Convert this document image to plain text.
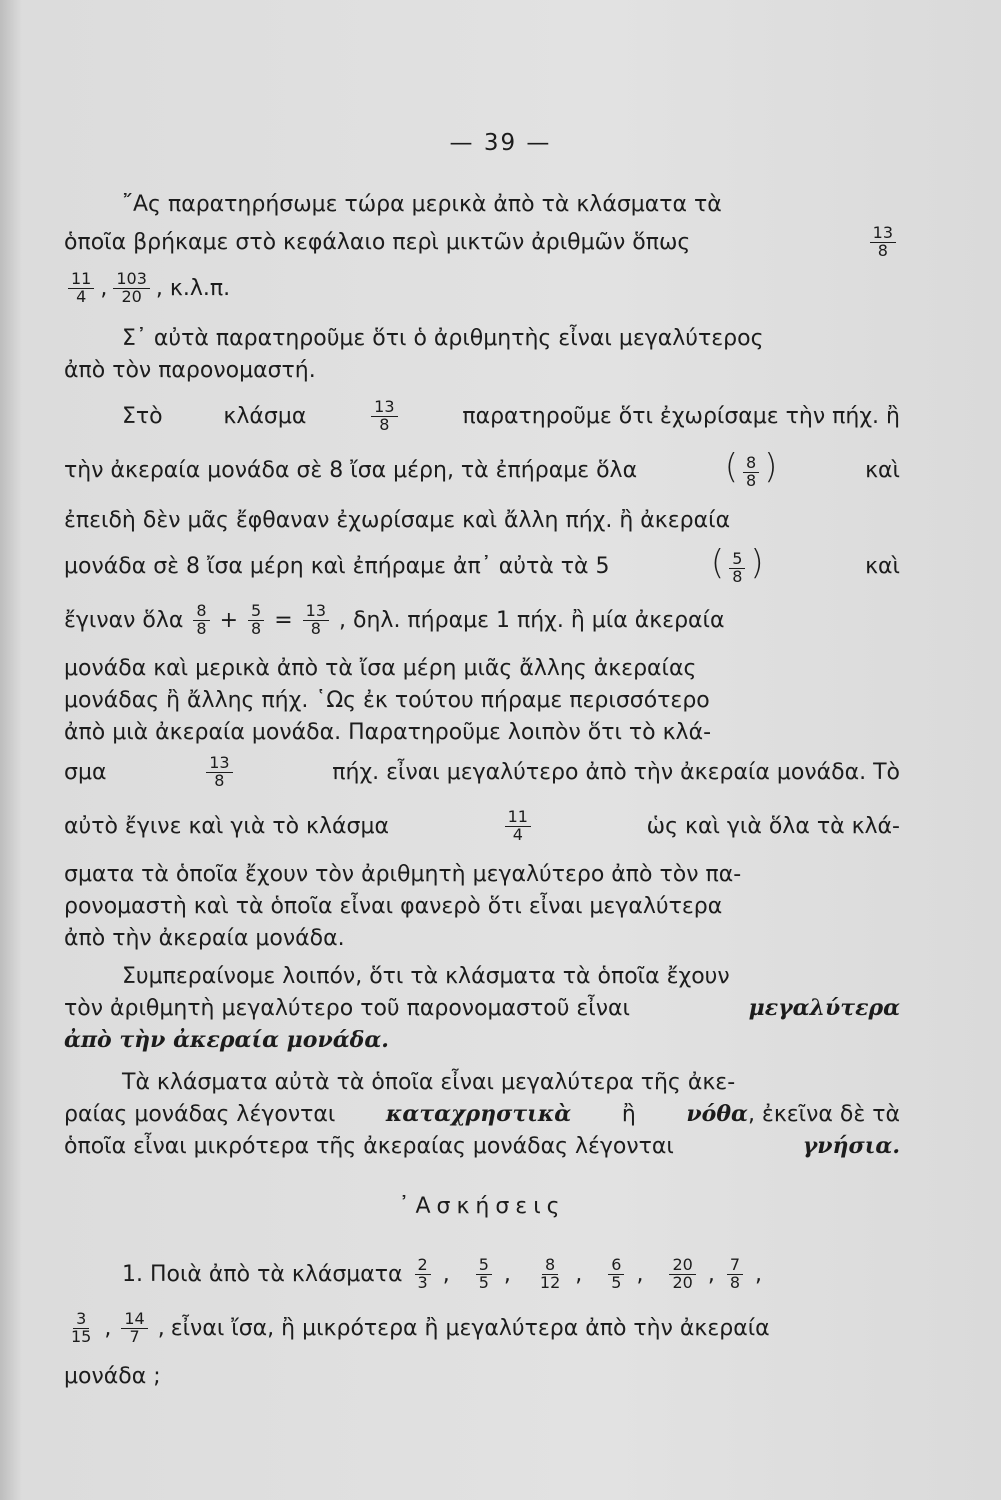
— 39 —
῎Ας παρατηρήσωμε τώρα μερικὰ ἀπὸ τὰ κλάσματα τὰ
ὁποῖα βρήκαμε στὸ κεφάλαιο περὶ μικτῶν ἀριθμῶν ὅπως	$\frac{13}{8}$
$\frac{11}{4}$ , $\frac{103}{20}$ , κ.λ.π.
Σ᾽ αὐτὰ παρατηροῦμε ὅτι ὁ ἀριθμητὴς εἶναι μεγαλύτερος
ἀπὸ τὸν παρονομαστή.
Στὸ	κλάσμα	$\frac{13}{8}$	παρατηροῦμε ὅτι ἐχωρίσαμε τὴν πήχ. ἢ
τὴν ἀκεραία μονάδα σὲ 8 ἴσα μέρη, τὰ ἐπήραμε ὅλα	( $\frac{8}{8}$ )	καὶ
ἐπειδὴ δὲν μᾶς ἔφθαναν ἐχωρίσαμε καὶ ἄλλη πήχ. ἢ ἀκεραία
μονάδα σὲ 8 ἴσα μέρη καὶ ἐπήραμε ἀπ᾽ αὐτὰ τὰ 5	( $\frac{5}{8}$ )	καὶ
ἔγιναν ὅλα $\frac{8}{8} + \frac{5}{8} = \frac{13}{8}$ , δηλ. πήραμε 1 πήχ. ἢ μία ἀκεραία
μονάδα καὶ μερικὰ ἀπὸ τὰ ἴσα μέρη μιᾶς ἄλλης ἀκεραίας
μονάδας ἢ ἄλλης πήχ. ῾Ως ἐκ τούτου πήραμε περισσότερο
ἀπὸ μιὰ ἀκεραία μονάδα. Παρατηροῦμε λοιπὸν ὅτι τὸ κλά-
σμα	$\frac{13}{8}$	πήχ. εἶναι μεγαλύτερο ἀπὸ τὴν ἀκεραία μονάδα. Τὸ
αὐτὸ ἔγινε καὶ γιὰ τὸ κλάσμα	$\frac{11}{4}$	ὡς καὶ γιὰ ὅλα τὰ κλά-
σματα τὰ ὁποῖα ἔχουν τὸν ἀριθμητὴ μεγαλύτερο ἀπὸ τὸν πα-
ρονομαστὴ καὶ τὰ ὁποῖα εἶναι φανερὸ ὅτι εἶναι μεγαλύτερα
ἀπὸ τὴν ἀκεραία μονάδα.
Συμπεραίνομε λοιπόν, ὅτι τὰ κλάσματα τὰ ὁποῖα ἔχουν
τὸν ἀριθμητὴ μεγαλύτερο τοῦ παρονομαστοῦ εἶναι	μεγαλύτερα
ἀπὸ τὴν ἀκεραία μονάδα.
Τὰ κλάσματα αὐτὰ τὰ ὁποῖα εἶναι μεγαλύτερα τῆς ἀκε-
ραίας μονάδας λέγονται καταχρηστικὰ ἢ νόθα, ἐκεῖνα δὲ τὰ
ὁποῖα εἶναι μικρότερα τῆς ἀκεραίας μονάδας λέγονται	γνήσια.
᾿Ασκήσεις
1. Ποιὰ ἀπὸ τὰ κλάσματα $\frac{2}{3}$ , $\frac{5}{5}$ , $\frac{8}{12}$ , $\frac{6}{5}$ , $\frac{20}{20}$ , $\frac{7}{8}$ ,
$\frac{3}{15}$ , $\frac{14}{7}$ , εἶναι ἴσα, ἢ μικρότερα ἢ μεγαλύτερα ἀπὸ τὴν ἀκεραία
μονάδα ;
